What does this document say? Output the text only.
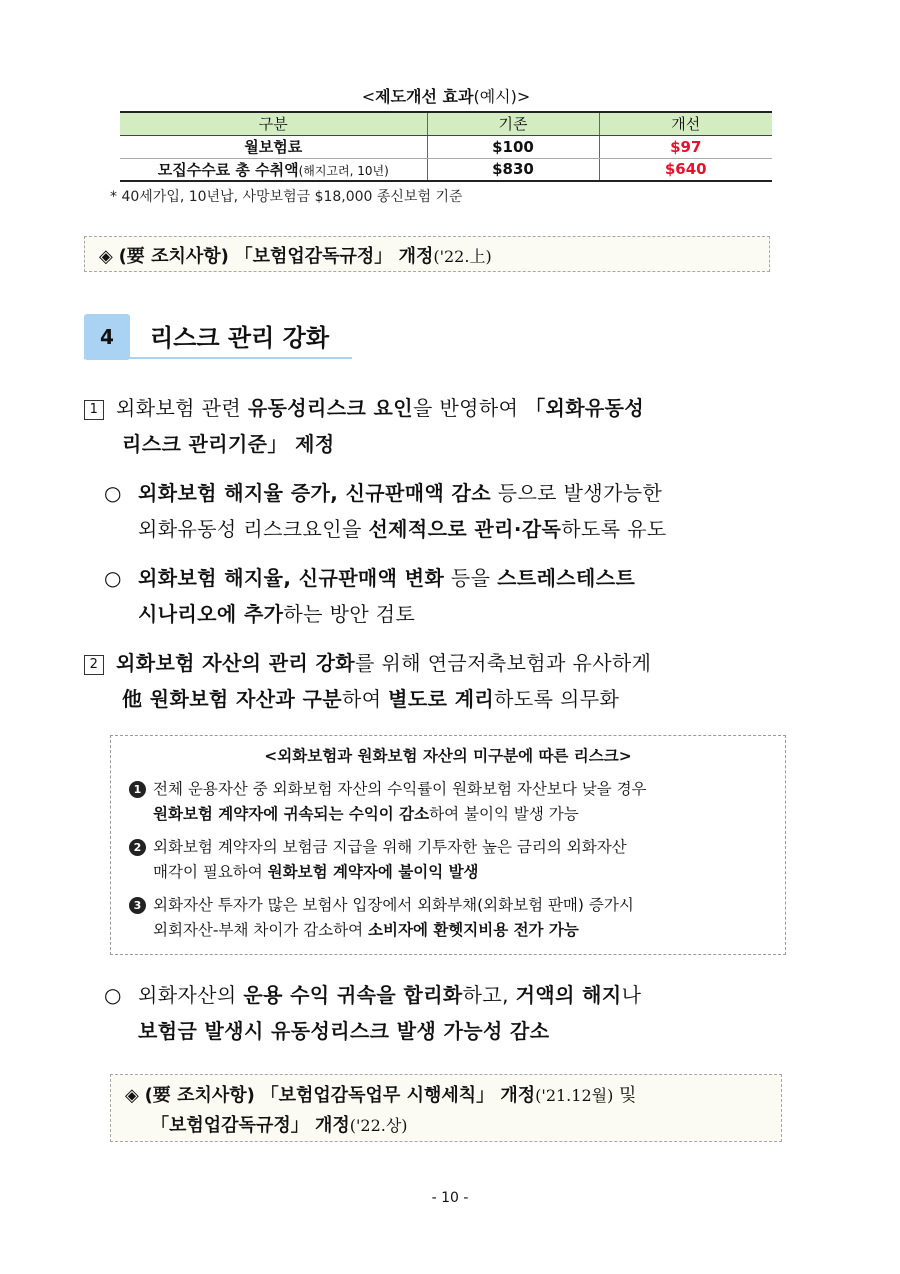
<제도개선 효과(예시)>
구분	기존	개선
월보험료	$100	$97
모집수수료 총 수취액(해지고려, 10년)	$830	$640
* 40세가입, 10년납, 사망보험금 $18,000 종신보험 기준
◈ (要 조치사항) 「보험업감독규정」 개정('22.上)
4	리스크 관리 강화
1 외화보험 관련 유동성리스크 요인을 반영하여 「외화유동성
리스크 관리기준」 제정
○ 외화보험 해지율 증가, 신규판매액 감소 등으로 발생가능한
외화유동성 리스크요인을 선제적으로 관리·감독하도록 유도
○ 외화보험 해지율, 신규판매액 변화 등을 스트레스테스트
시나리오에 추가하는 방안 검토
2 외화보험 자산의 관리 강화를 위해 연금저축보험과 유사하게
他 원화보험 자산과 구분하여 별도로 계리하도록 의무화
<외화보험과 원화보험 자산의 미구분에 따른 리스크>
1 전체 운용자산 중 외화보험 자산의 수익률이 원화보험 자산보다 낮을 경우
원화보험 계약자에 귀속되는 수익이 감소하여 불이익 발생 가능
2 외화보험 계약자의 보험금 지급을 위해 기투자한 높은 금리의 외화자산
매각이 필요하여 원화보험 계약자에 불이익 발생
3 외화자산 투자가 많은 보험사 입장에서 외화부채(외화보험 판매) 증가시
외회자산-부채 차이가 감소하여 소비자에 환헷지비용 전가 가능
○ 외화자산의 운용 수익 귀속을 합리화하고, 거액의 해지나
보험금 발생시 유동성리스크 발생 가능성 감소
◈ (要 조치사항) 「보험업감독업무 시행세칙」 개정('21.12월) 및
「보험업감독규정」 개정('22.상)
- 10 -
